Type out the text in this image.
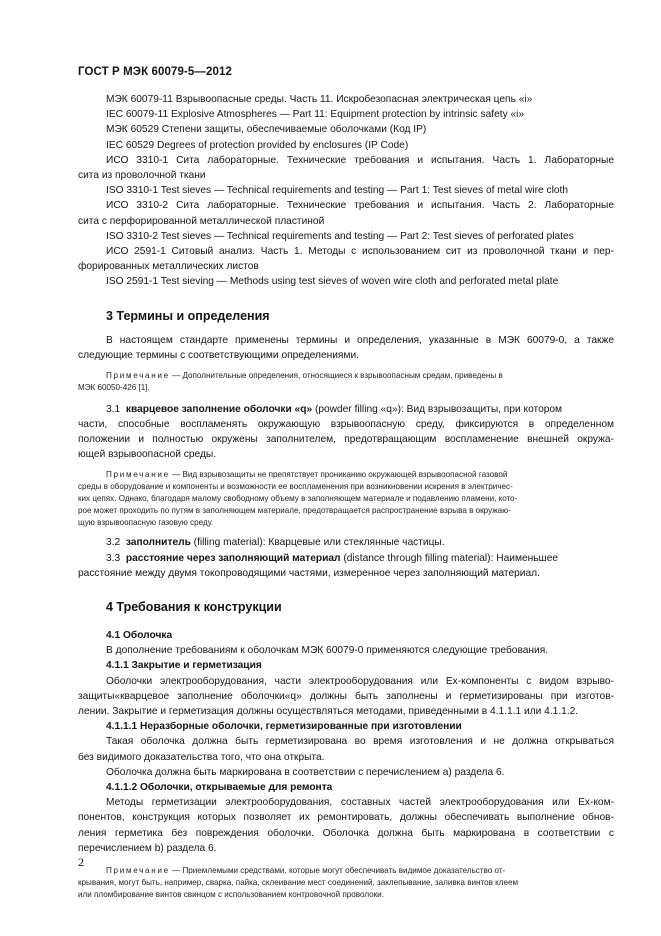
ГОСТ Р МЭК 60079-5—2012
МЭК 60079-11 Взрывоопасные среды. Часть 11. Искробезопасная электрическая цепь «i»
IEC 60079-11 Explosive Atmospheres — Part 11: Equipment protection by intrinsic safety «i»
МЭК 60529 Степени защиты, обеспечиваемые оболочками (Код IP)
IEC 60529 Degrees of protection provided by enclosures (IP Code)
ИСО 3310-1 Сита лабораторные. Технические требования и испытания. Часть 1. Лабораторные
сита из проволочной ткани
ISO 3310-1 Test sieves — Technical requirements and testing — Part 1: Test sieves of metal wire cloth
ИСО 3310-2 Сита лабораторные. Технические требования и испытания. Часть 2. Лабораторные
сита с перфорированной металлической пластиной
ISO 3310-2 Test sieves — Technical requirements and testing — Part 2: Test sieves of perforated plates
ИСО 2591-1 Ситовый анализ. Часть 1. Методы с использованием сит из проволочной ткани и пер-
форированных металлических листов
ISO 2591-1 Test sieving — Methods using test sieves of woven wire cloth and perforated metal plate
3 Термины и определения
В настоящем стандарте применены термины и определения, указанные в МЭК 60079-0, а также
следующие термины с соответствующими определениями.
Примечание — Дополнительные определения, относящиеся к взрывоопасным средам, приведены в
МЭК 60050-426 [1].
3.1 кварцевое заполнение оболочки «q» (powder filling «q»): Вид взрывозащиты, при котором
части, способные воспламенять окружающую взрывоопасную среду, фиксируются в определенном
положении и полностью окружены заполнителем, предотвращающим воспламенение внешней окружа-
ющей взрывоопасной среды.
Примечание — Вид взрывозащиты не препятствует прониканию окружающей взрывоопасной газовой
среды в оборудование и компоненты и возможности ее воспламенения при возникновении искрения в электричес-
ких цепях. Однако, благодаря малому свободному объему в заполняющем материале и подавлению пламени, кото-
рое может проходить по путям в заполняющем материале, предотвращается распространение взрыва в окружаю-
щую взрывоопасную газовую среду.
3.2 заполнитель (filling material): Кварцевые или стеклянные частицы.
3.3 расстояние через заполняющий материал (distance through filling material): Наименьшее
расстояние между двумя токопроводящими частями, измеренное через заполняющий материал.
4 Требования к конструкции
4.1 Оболочка
В дополнение требованиям к оболочкам МЭК 60079-0 применяются следующие требования.
4.1.1 Закрытие и герметизация
Оболочки электрооборудования, части электрооборудования или Ex-компоненты с видом взрыво-
защиты«кварцевое заполнение оболочки«q» должны быть заполнены и герметизированы при изготов-
лении. Закрытие и герметизация должны осуществляться методами, приведенными в 4.1.1.1 или 4.1.1.2.
4.1.1.1 Неразборные оболочки, герметизированные при изготовлении
Такая оболочка должна быть герметизирована во время изготовления и не должна открываться
без видимого доказательства того, что она открыта.
Оболочка должна быть маркирована в соответствии с перечислением а) раздела 6.
4.1.1.2 Оболочки, открываемые для ремонта
Методы герметизации электрооборудования, составных частей электрооборудования или Ex-ком-
понентов, конструкция которых позволяет их ремонтировать, должны обеспечивать выполнение обнов-
ления герметика без повреждения оболочки. Оболочка должна быть маркирована в соответствии с
перечислением b) раздела 6.
Примечание — Приемлемыми средствами, которые могут обеспечивать видимое доказательство от-
крывания, могут быть, например, сварка, пайка, склеивание мест соединений, заклепывание, заливка винтов клеем
или пломбирование винтов свинцом с использованием контровочной проволоки.
2
